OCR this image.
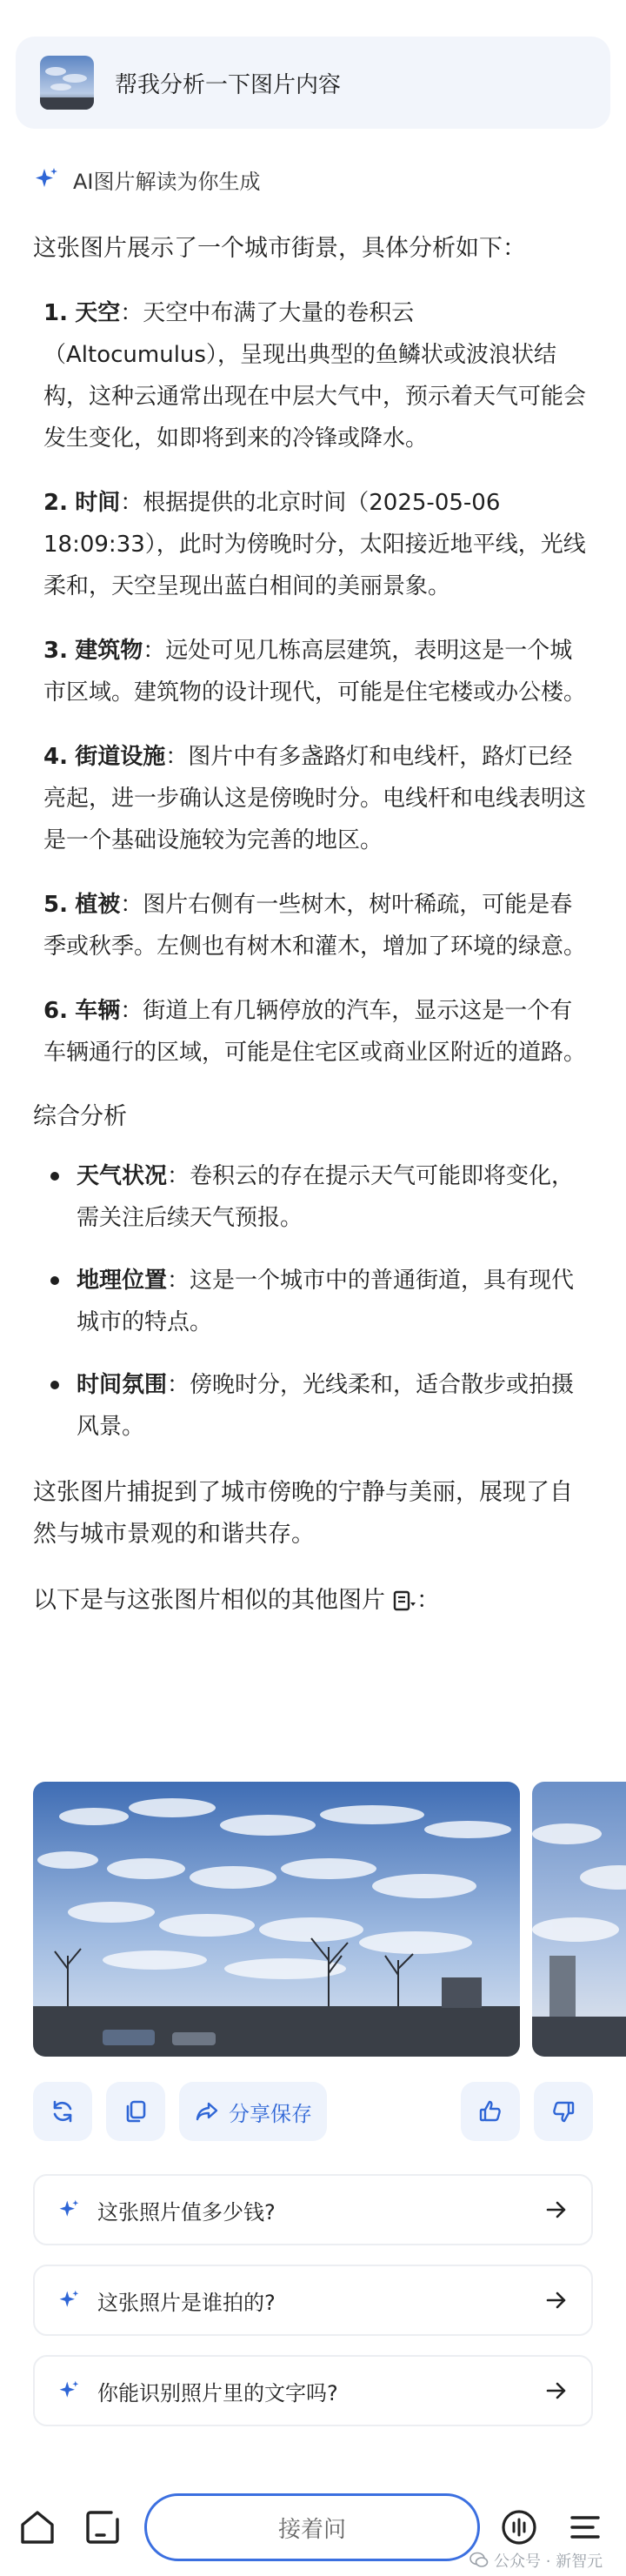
帮我分析一下图片内容
AI图片解读为你生成

这张图片展示了一个城市街景，具体分析如下：

1. 天空：天空中布满了大量的卷积云（Altocumulus），呈现出典型的鱼鳞状或波浪状结构，这种云通常出现在中层大气中，预示着天气可能会发生变化，如即将到来的冷锋或降水。

2. 时间：根据提供的北京时间（2025-05-06 18:09:33），此时为傍晚时分，太阳接近地平线，光线柔和，天空呈现出蓝白相间的美丽景象。

3. 建筑物：远处可见几栋高层建筑，表明这是一个城市区域。建筑物的设计现代，可能是住宅楼或办公楼。

4. 街道设施：图片中有多盏路灯和电线杆，路灯已经亮起，进一步确认这是傍晚时分。电线杆和电线表明这是一个基础设施较为完善的地区。

5. 植被：图片右侧有一些树木，树叶稀疏，可能是春季或秋季。左侧也有树木和灌木，增加了环境的绿意。

6. 车辆：街道上有几辆停放的汽车，显示这是一个有车辆通行的区域，可能是住宅区或商业区附近的道路。

综合分析

天气状况：卷积云的存在提示天气可能即将变化，需关注后续天气预报。

地理位置：这是一个城市中的普通街道，具有现代城市的特点。

时间氛围：傍晚时分，光线柔和，适合散步或拍摄风景。

这张图片捕捉到了城市傍晚的宁静与美丽，展现了自然与城市景观的和谐共存。

以下是与这张图片相似的其他图片 ：
分享保存
这张照片值多少钱?
这张照片是谁拍的?
你能识别照片里的文字吗?
接着问
公众号 · 新智元
